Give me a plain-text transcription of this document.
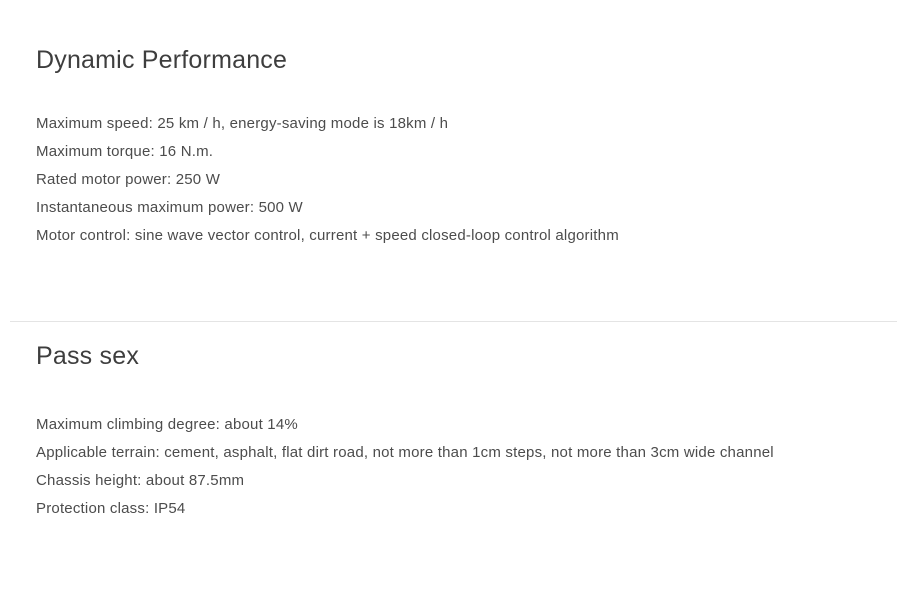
Dynamic Performance
Maximum speed: 25 km / h, energy-saving mode is 18km / h
Maximum torque: 16 N.m.
Rated motor power: 250 W
Instantaneous maximum power: 500 W
Motor control: sine wave vector control, current + speed closed-loop control algorithm
Pass sex
Maximum climbing degree: about 14%
Applicable terrain: cement, asphalt, flat dirt road, not more than 1cm steps, not more than 3cm wide channel
Chassis height: about 87.5mm
Protection class: IP54
